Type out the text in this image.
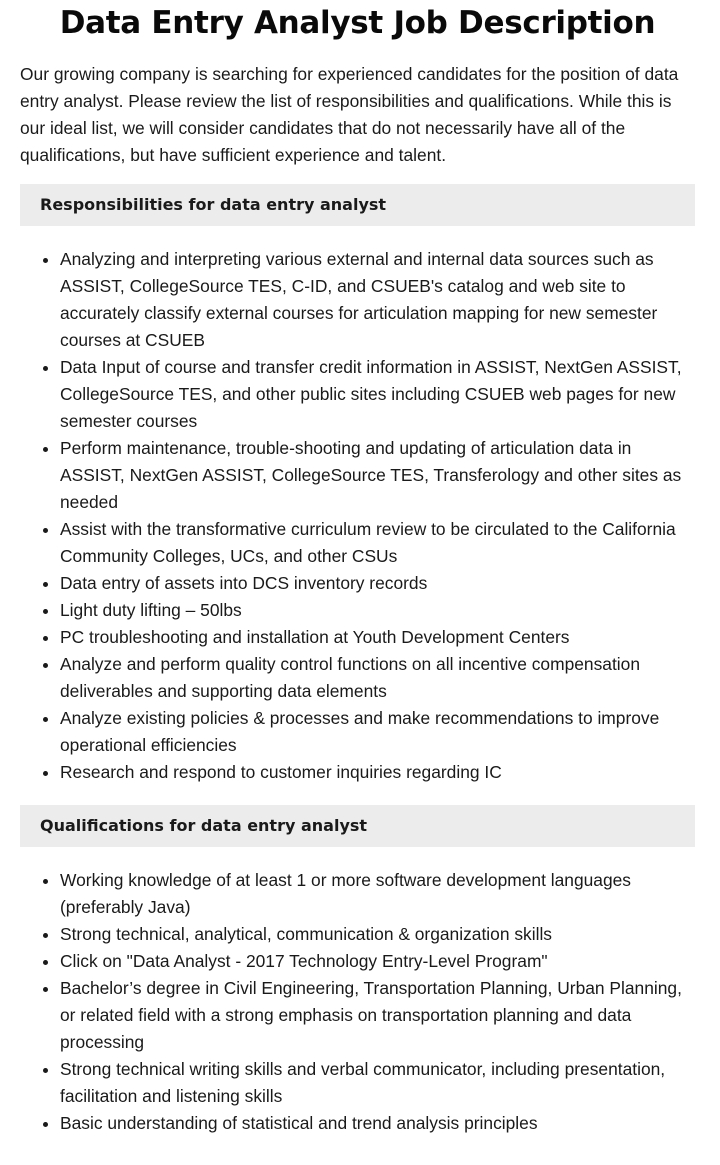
Data Entry Analyst Job Description

Our growing company is searching for experienced candidates for the position of data entry analyst. Please review the list of responsibilities and qualifications. While this is our ideal list, we will consider candidates that do not necessarily have all of the qualifications, but have sufficient experience and talent.

Responsibilities for data entry analyst
• Analyzing and interpreting various external and internal data sources such as ASSIST, CollegeSource TES, C-ID, and CSUEB's catalog and web site to accurately classify external courses for articulation mapping for new semester courses at CSUEB
• Data Input of course and transfer credit information in ASSIST, NextGen ASSIST, CollegeSource TES, and other public sites including CSUEB web pages for new semester courses
• Perform maintenance, trouble-shooting and updating of articulation data in ASSIST, NextGen ASSIST, CollegeSource TES, Transferology and other sites as needed
• Assist with the transformative curriculum review to be circulated to the California Community Colleges, UCs, and other CSUs
• Data entry of assets into DCS inventory records
• Light duty lifting – 50lbs
• PC troubleshooting and installation at Youth Development Centers
• Analyze and perform quality control functions on all incentive compensation deliverables and supporting data elements
• Analyze existing policies & processes and make recommendations to improve operational efficiencies
• Research and respond to customer inquiries regarding IC
Qualifications for data entry analyst
• Working knowledge of at least 1 or more software development languages (preferably Java)
• Strong technical, analytical, communication & organization skills
• Click on "Data Analyst - 2017 Technology Entry-Level Program"
• Bachelor’s degree in Civil Engineering, Transportation Planning, Urban Planning, or related field with a strong emphasis on transportation planning and data processing
• Strong technical writing skills and verbal communicator, including presentation, facilitation and listening skills
• Basic understanding of statistical and trend analysis principles
